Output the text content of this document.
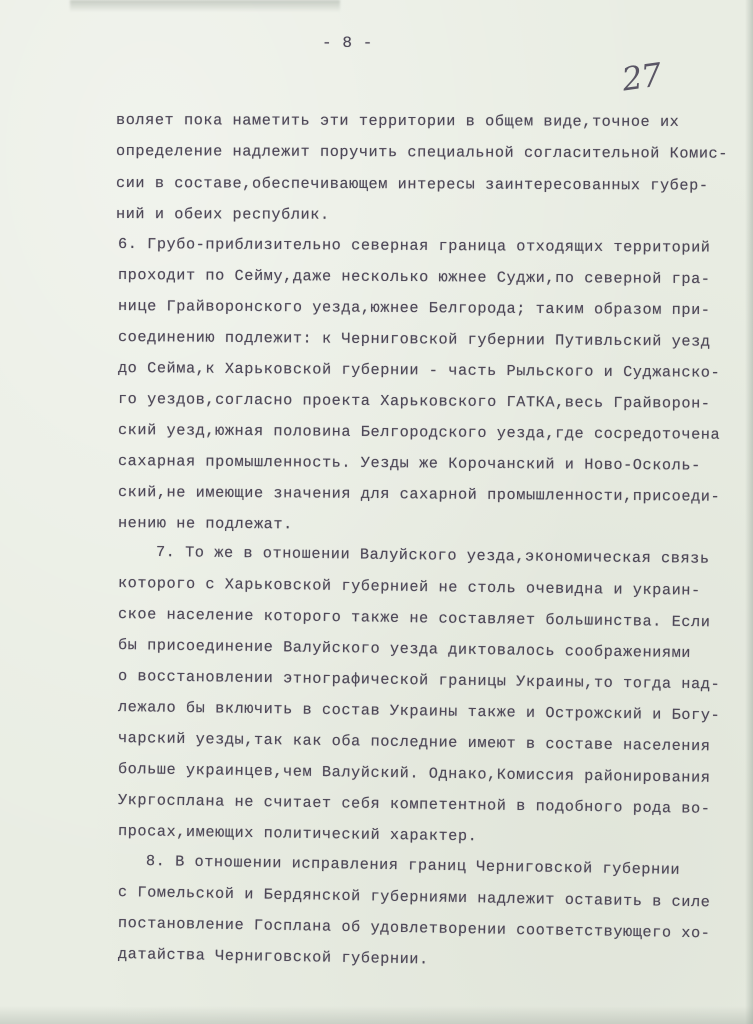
- 8 -
27
воляет пока наметить эти территории в общем виде,точное их
определение надлежит поручить специальной согласительной Комис-
сии в составе,обеспечивающем интересы заинтересованных губер-
ний и обеих республик.
6. Грубо-приблизительно северная граница отходящих территорий
проходит по Сейму,даже несколько южнее Суджи,по северной гра-
нице Грайворонского уезда,южнее Белгорода; таким образом при-
соединению подлежит: к Черниговской губернии Путивльский уезд
до Сейма,к Харьковской губернии - часть Рыльского и Суджанско-
го уездов,согласно проекта Харьковского ГАТКА,весь Грайворон-
ский уезд,южная половина Белгородского уезда,где сосредоточена
сахарная промышленность. Уезды же Корочанский и Ново-Осколь-
ский,не имеющие значения для сахарной промышленности,присоеди-
нению не подлежат.
7. То же в отношении Валуйского уезда,экономическая связь
которого с Харьковской губернией не столь очевидна и украин-
ское население которого также не составляет большинства. Если
бы присоединение Валуйского уезда диктовалось соображениями
о восстановлении этнографической границы Украины,то тогда над-
лежало бы включить в состав Украины также и Острожский и Богу-
чарский уезды,так как оба последние имеют в составе населения
больше украинцев,чем Валуйский. Однако,Комиссия районирования
Укргосплана не считает себя компетентной в подобного рода во-
просах,имеющих политический характер.
8. В отношении исправления границ Черниговской губернии
с Гомельской и Бердянской губерниями надлежит оставить в силе
постановление Госплана об удовлетворении соответствующего хо-
датайства Черниговской губернии.
